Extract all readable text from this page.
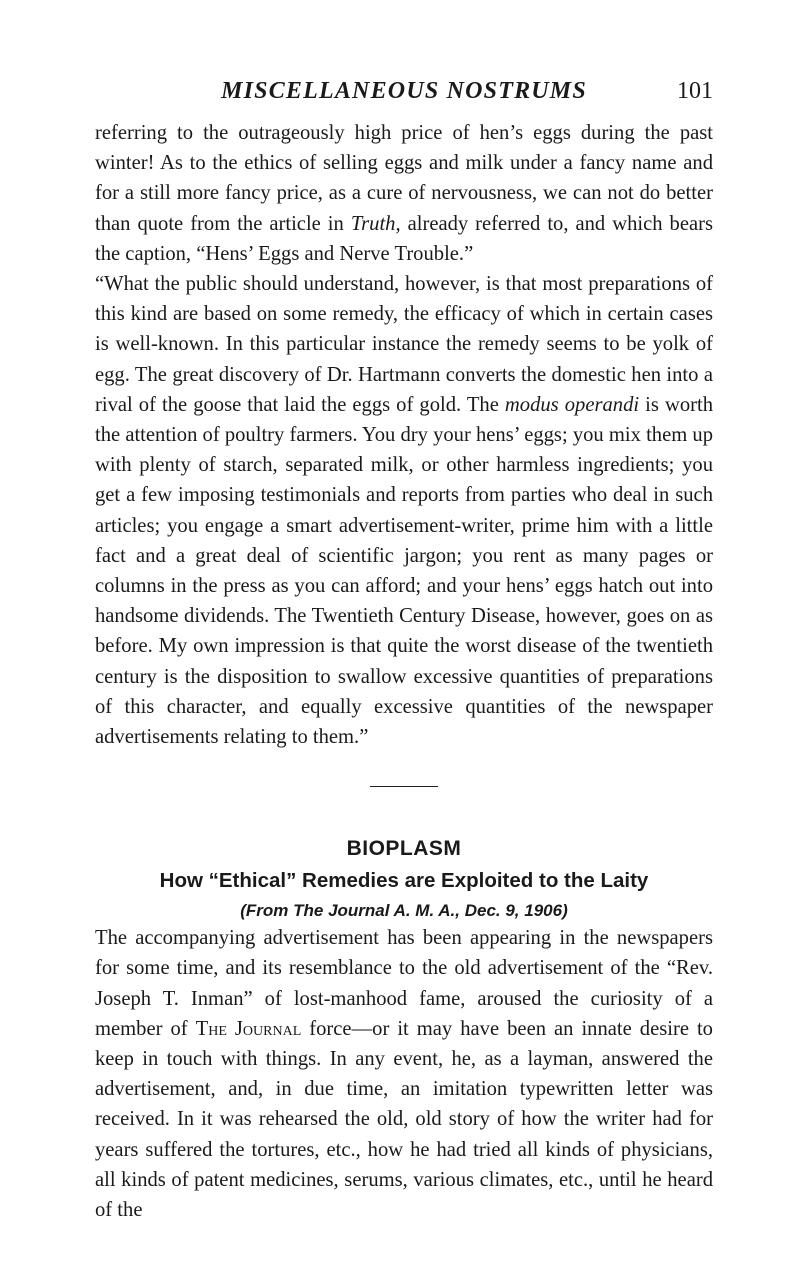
MISCELLANEOUS NOSTRUMS	101

referring to the outrageously high price of hen’s eggs during the past winter! As to the ethics of selling eggs and milk under a fancy name and for a still more fancy price, as a cure of nervousness, we can not do better than quote from the article in Truth, already referred to, and which bears the caption, “Hens’ Eggs and Nerve Trouble.”

“What the public should understand, however, is that most preparations of this kind are based on some remedy, the efficacy of which in certain cases is well-known. In this particular instance the remedy seems to be yolk of egg. The great discovery of Dr. Hartmann converts the domestic hen into a rival of the goose that laid the eggs of gold. The modus operandi is worth the attention of poultry farmers. You dry your hens’ eggs; you mix them up with plenty of starch, separated milk, or other harmless ingredients; you get a few imposing testimonials and reports from parties who deal in such articles; you engage a smart advertisement-writer, prime him with a little fact and a great deal of scientific jargon; you rent as many pages or columns in the press as you can afford; and your hens’ eggs hatch out into handsome dividends. The Twentieth Century Disease, however, goes on as before. My own impression is that quite the worst disease of the twentieth century is the disposition to swallow excessive quantities of preparations of this character, and equally excessive quantities of the newspaper advertisements relating to them.”

BIOPLASM
How “Ethical” Remedies are Exploited to the Laity
(From The Journal A. M. A., Dec. 9, 1906)

The accompanying advertisement has been appearing in the newspapers for some time, and its resemblance to the old advertisement of the “Rev. Joseph T. Inman” of lost-manhood fame, aroused the curiosity of a member of The Journal force—or it may have been an innate desire to keep in touch with things. In any event, he, as a layman, answered the advertisement, and, in due time, an imitation typewritten letter was received. In it was rehearsed the old, old story of how the writer had for years suffered the tortures, etc., how he had tried all kinds of physicians, all kinds of patent medicines, serums, various climates, etc., until he heard of the
